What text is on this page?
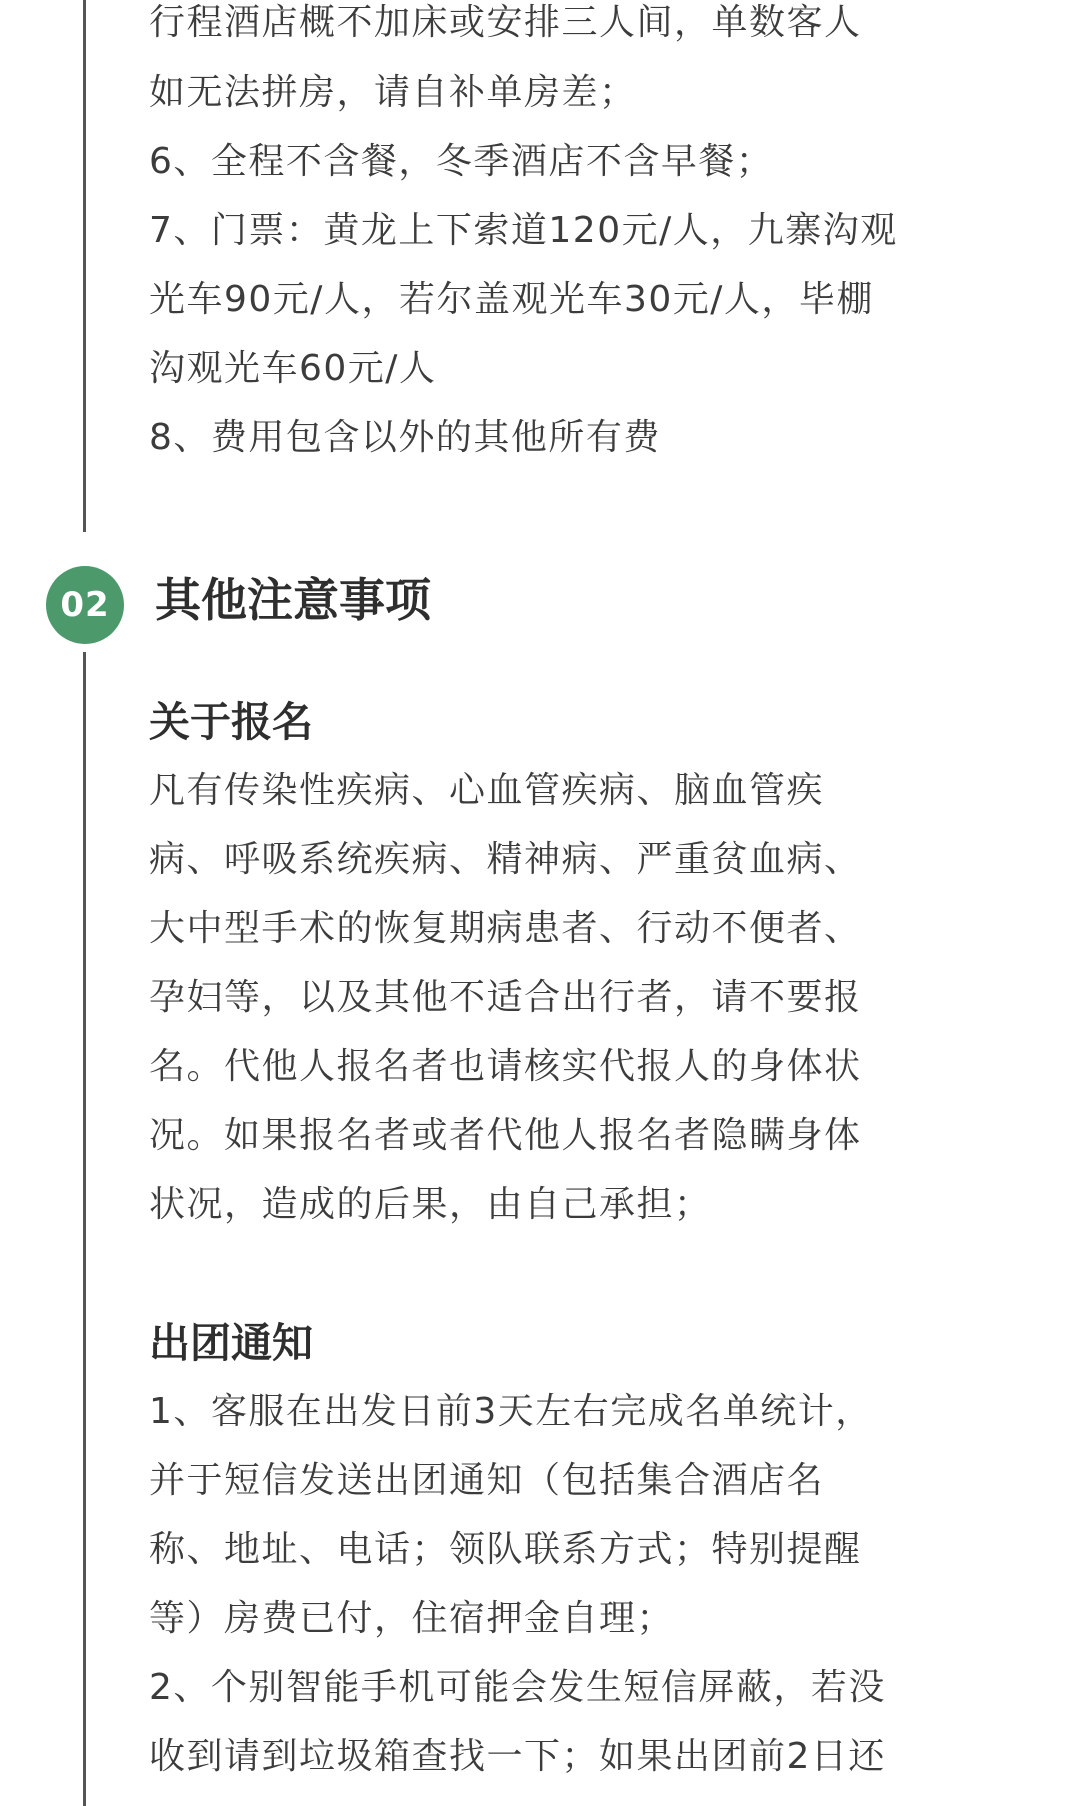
行程酒店概不加床或安排三人间，单数客人
如无法拼房，请自补单房差；
6、全程不含餐，冬季酒店不含早餐；
7、门票：黄龙上下索道120元/人，九寨沟观
光车90元/人，若尔盖观光车30元/人，毕棚
沟观光车60元/人
8、费用包含以外的其他所有费
02 其他注意事项
关于报名
凡有传染性疾病、心血管疾病、脑血管疾
病、呼吸系统疾病、精神病、严重贫血病、
大中型手术的恢复期病患者、行动不便者、
孕妇等，以及其他不适合出行者，请不要报
名。代他人报名者也请核实代报人的身体状
况。如果报名者或者代他人报名者隐瞒身体
状况，造成的后果，由自己承担；
出团通知
1、客服在出发日前3天左右完成名单统计，
并于短信发送出团通知（包括集合酒店名
称、地址、电话；领队联系方式；特别提醒
等）房费已付，住宿押金自理；
2、个别智能手机可能会发生短信屏蔽，若没
收到请到垃圾箱查找一下；如果出团前2日还
